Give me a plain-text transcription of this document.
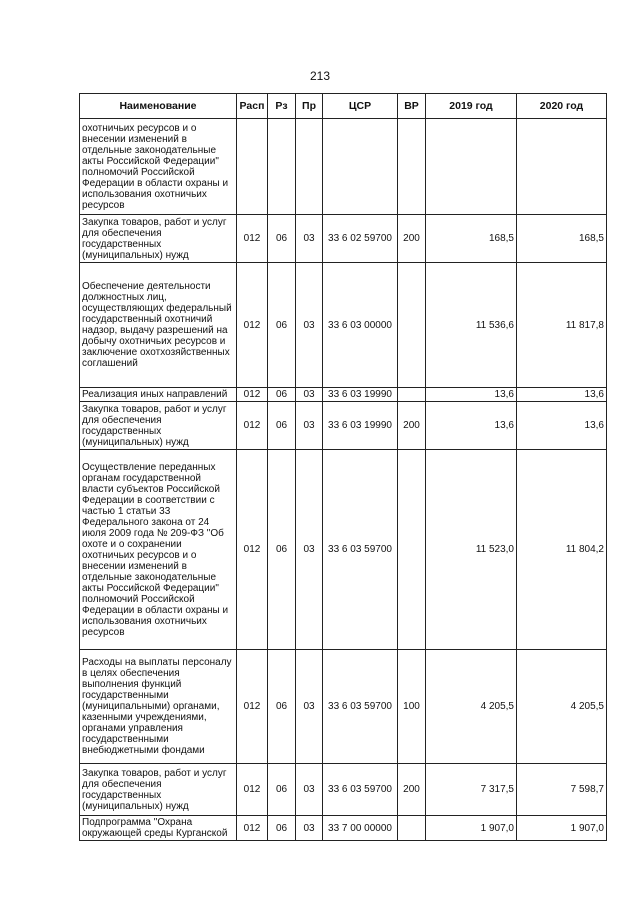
213
Наименование	Расп	Рз	Пр	ЦСР	ВР	2019 год	2020 год
охотничьих ресурсов и о внесении изменений в отдельные законодательные акты Российской Федерации" полномочий Российской Федерации в области охраны и использования охотничьих ресурсов							
Закупка товаров, работ и услуг для обеспечения государственных (муниципальных) нужд	012	06	03	33 6 02 59700	200	168,5	168,5
Обеспечение деятельности должностных лиц, осуществляющих федеральный государственный охотничий надзор, выдачу разрешений на добычу охотничьих ресурсов и заключение охотхозяйственных соглашений	012	06	03	33 6 03 00000		11 536,6	11 817,8
Реализация иных направлений	012	06	03	33 6 03 19990		13,6	13,6
Закупка товаров, работ и услуг для обеспечения государственных (муниципальных) нужд	012	06	03	33 6 03 19990	200	13,6	13,6
Осуществление переданных органам государственной власти субъектов Российской Федерации в соответствии с частью 1 статьи 33 Федерального закона от 24 июля 2009 года № 209-ФЗ "Об охоте и о сохранении охотничьих ресурсов и о внесении изменений в отдельные законодательные акты Российской Федерации" полномочий Российской Федерации в области охраны и использования охотничьих ресурсов	012	06	03	33 6 03 59700		11 523,0	11 804,2
Расходы на выплаты персоналу в целях обеспечения выполнения функций государственными (муниципальными) органами, казенными учреждениями, органами управления государственными внебюджетными фондами	012	06	03	33 6 03 59700	100	4 205,5	4 205,5
Закупка товаров, работ и услуг для обеспечения государственных (муниципальных) нужд	012	06	03	33 6 03 59700	200	7 317,5	7 598,7
Подпрограмма "Охрана окружающей среды Курганской	012	06	03	33 7 00 00000		1 907,0	1 907,0
